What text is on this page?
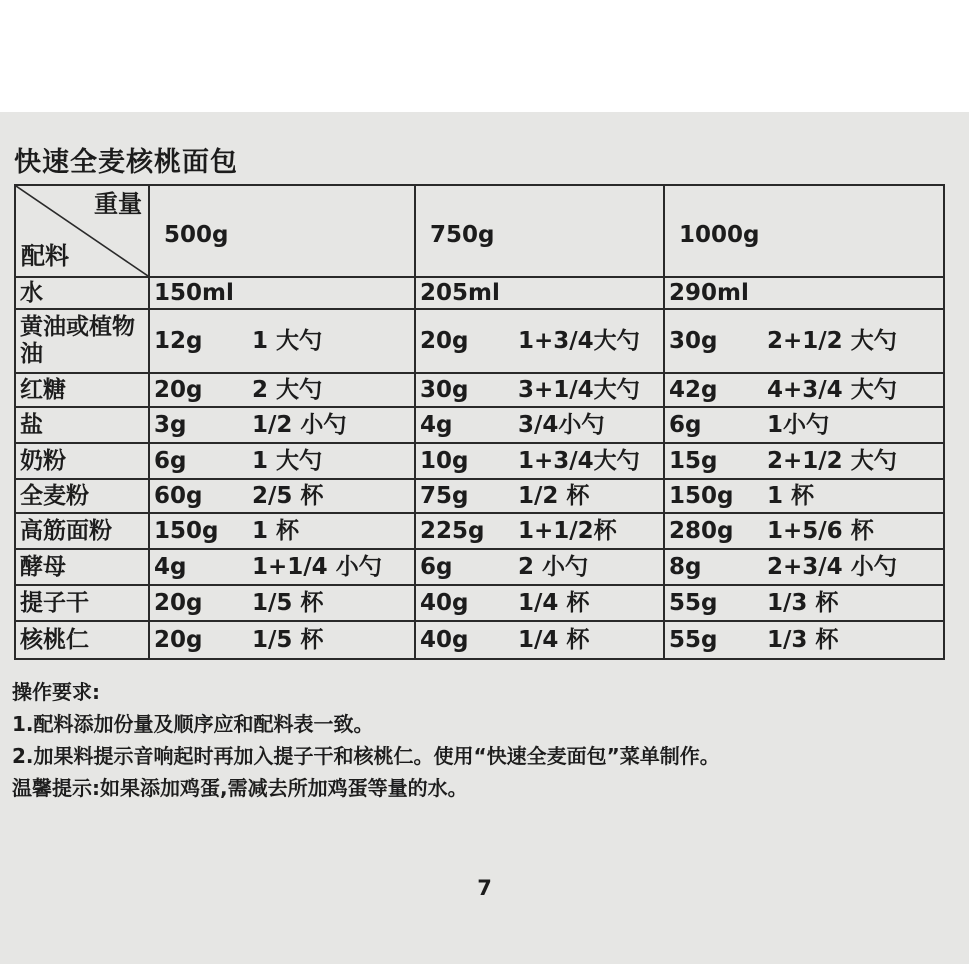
快速全麦核桃面包
重量
配料	500g	750g	1000g
水	150ml	205ml	290ml
黄油或植物油	12g 1 大勺	20g 1+3/4大勺	30g 2+1/2 大勺
红糖	20g 2 大勺	30g 3+1/4大勺	42g 4+3/4 大勺
盐	3g 1/2 小勺	4g 3/4小勺	6g 1小勺
奶粉	6g 1 大勺	10g 1+3/4大勺	15g 2+1/2 大勺
全麦粉	60g 2/5 杯	75g 1/2 杯	150g 1 杯
高筋面粉	150g 1 杯	225g 1+1/2杯	280g 1+5/6 杯
酵母	4g 1+1/4 小勺	6g 2 小勺	8g 2+3/4 小勺
提子干	20g 1/5 杯	40g 1/4 杯	55g 1/3 杯
核桃仁	20g 1/5 杯	40g 1/4 杯	55g 1/3 杯
操作要求:
1.配料添加份量及顺序应和配料表一致。
2.加果料提示音响起时再加入提子干和核桃仁。使用“快速全麦面包”菜单制作。
温馨提示:如果添加鸡蛋,需减去所加鸡蛋等量的水。
7
